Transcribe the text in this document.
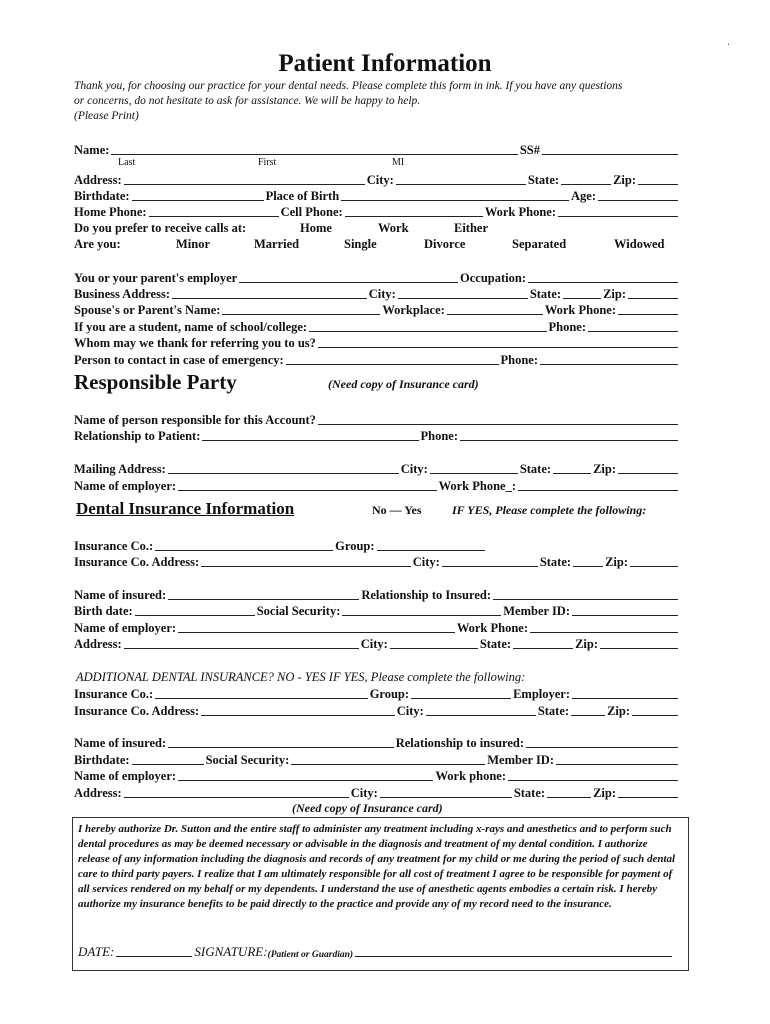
·
Patient Information
Thank you, for choosing our practice for your dental needs. Please complete this form in ink. If you have any questions
or concerns, do not hesitate to ask for assistance. We will be happy to help.
(Please Print)
Name:	SS#
Last	First	MI
Address:	City:	State:	Zip:
Birthdate:	Place of Birth	Age:
Home Phone:	Cell Phone:	Work Phone:
Do you prefer to receive calls at:	Home	Work	Either
Are you:	Minor	Married	Single	Divorce	Separated	Widowed
You or your parent's employer	Occupation:
Business Address:	City:	State:	Zip:
Spouse's or Parent's Name:	Workplace:	Work Phone:
If you are a student, name of school/college:	Phone:
Whom may we thank for referring you to us?
Person to contact in case of emergency:	Phone:
Responsible Party	(Need copy of Insurance card)
Name of person responsible for this Account?
Relationship to Patient:	Phone:
Mailing Address:	City:	State:	Zip:
Name of employer:	Work Phone_:
Dental Insurance Information	No — Yes	IF YES, Please complete the following:
Insurance Co.:	Group:
Insurance Co. Address:	City:	State:	Zip:
Name of insured:	Relationship to Insured:
Birth date:	Social Security:	Member ID:
Name of employer:	Work Phone:
Address:	City:	State:	Zip:
ADDITIONAL DENTAL INSURANCE? NO - YES IF YES, Please complete the following:
Insurance Co.:	Group:	Employer:
Insurance Co. Address:	City:	State:	Zip:
Name of insured:	Relationship to insured:
Birthdate:	Social Security:	Member ID:
Name of employer:	Work phone:
Address:	City:	State:	Zip:
(Need copy of Insurance card)
I hereby authorize Dr. Sutton and the entire staff to administer any treatment including x-rays and anesthetics and to perform such dental procedures as may be deemed necessary or advisable in the diagnosis and treatment of my dental condition. I authorize release of any information including the diagnosis and records of any treatment for my child or me during the period of such dental care to third party payers. I realize that I am ultimately responsible for all cost of treatment I agree to be responsible for payment of all services rendered on my behalf or my dependents. I understand the use of anesthetic agents embodies a certain risk. I hereby authorize my insurance benefits to be paid directly to the practice and provide any of my record need to the insurance.
DATE:	SIGNATURE: (Patient or Guardian)
